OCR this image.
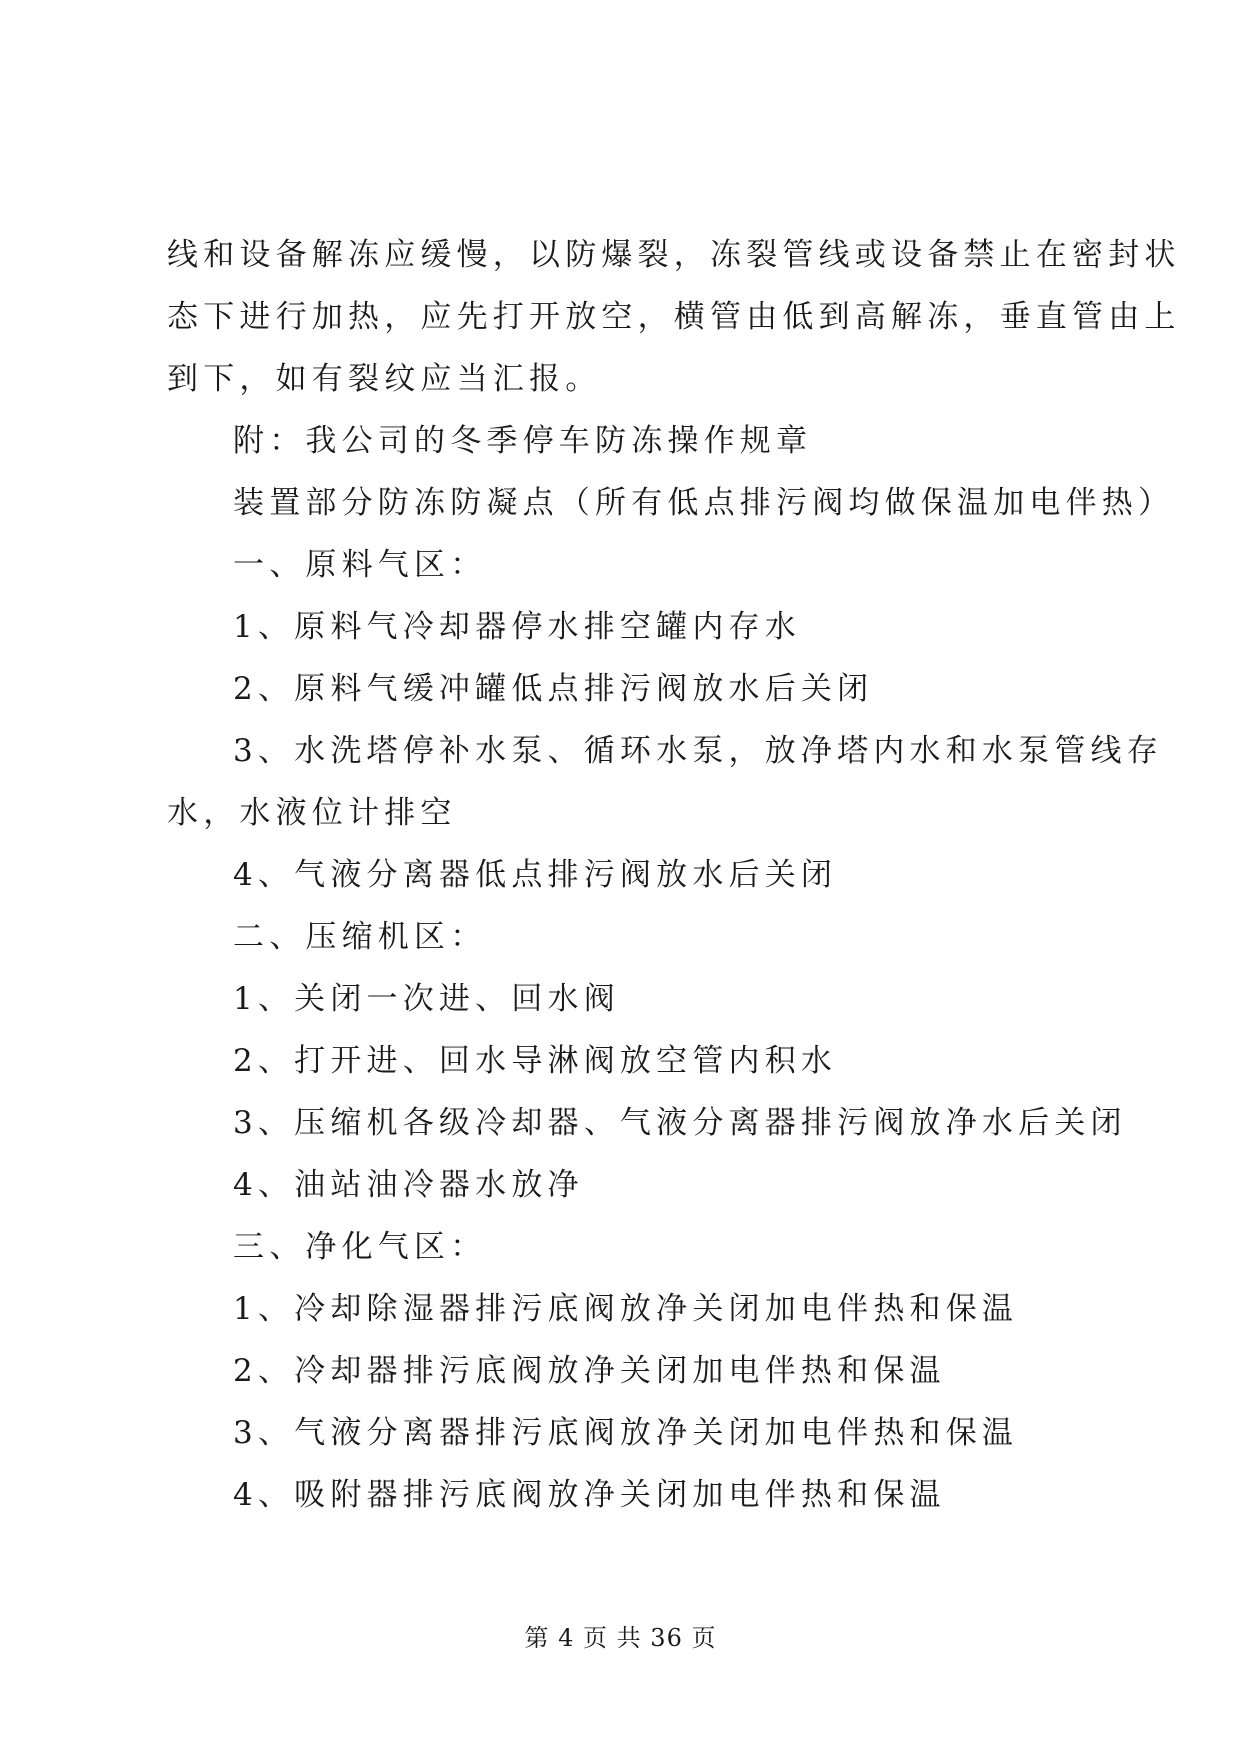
线和设备解冻应缓慢，以防爆裂，冻裂管线或设备禁止在密封状

态下进行加热，应先打开放空，横管由低到高解冻，垂直管由上

到下，如有裂纹应当汇报。

附：我公司的冬季停车防冻操作规章

装置部分防冻防凝点（所有低点排污阀均做保温加电伴热）

一、原料气区：

1、原料气冷却器停水排空罐内存水

2、原料气缓冲罐低点排污阀放水后关闭

3、水洗塔停补水泵、循环水泵，放净塔内水和水泵管线存

水，水液位计排空

4、气液分离器低点排污阀放水后关闭

二、压缩机区：

1、关闭一次进、回水阀

2、打开进、回水导淋阀放空管内积水

3、压缩机各级冷却器、气液分离器排污阀放净水后关闭

4、油站油冷器水放净

三、净化气区：

1、冷却除湿器排污底阀放净关闭加电伴热和保温

2、冷却器排污底阀放净关闭加电伴热和保温

3、气液分离器排污底阀放净关闭加电伴热和保温

4、吸附器排污底阀放净关闭加电伴热和保温

第 4 页 共 36 页
